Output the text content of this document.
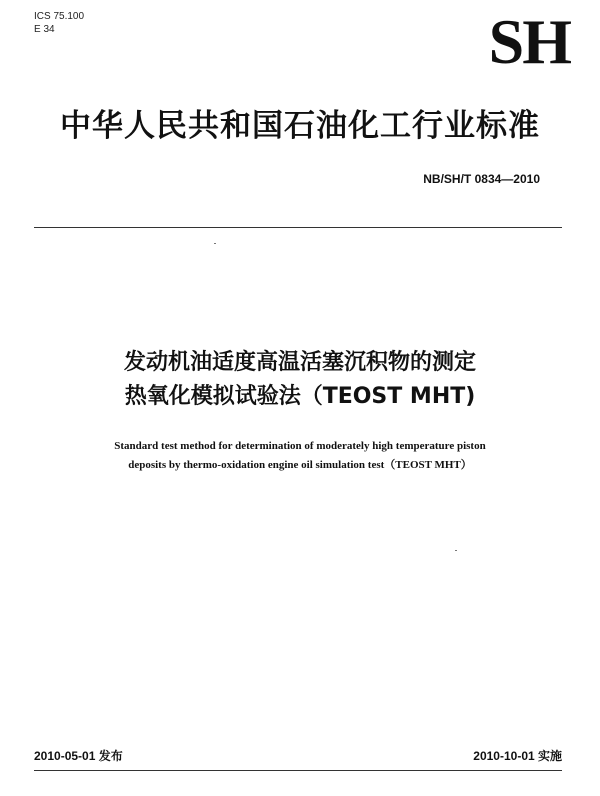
ICS 75.100
E 34	SH
中华人民共和国石油化工行业标准
NB/SH/T 0834—2010
发动机油适度高温活塞沉积物的测定
热氧化模拟试验法（TEOST MHT)
Standard test method for determination of moderately high temperature piston
deposits by thermo-oxidation engine oil simulation test（TEOST MHT）
2010-05-01 发布	2010-10-01 实施
